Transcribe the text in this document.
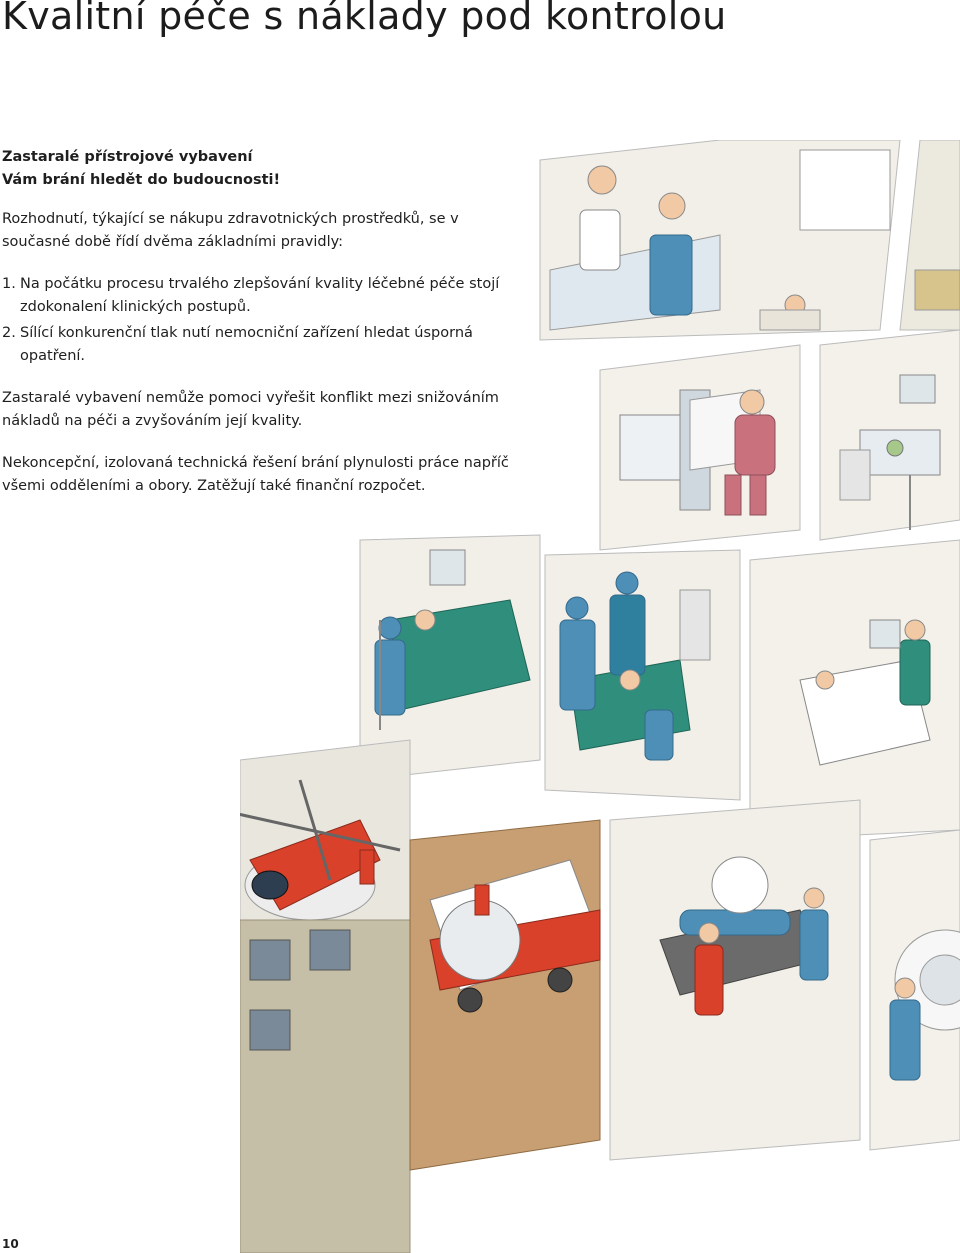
Kvalitní péče s náklady pod kontrolou

Zastaralé přístrojové vybavení
Vám brání hledět do budoucnosti!

Rozhodnutí, týkající se nákupu zdravotnických prostředků, se v současné době řídí dvěma základními pravidly:

1. Na počátku procesu trvalého zlepšování kvality léčebné péče stojí zdokonalení klinických postupů.
2. Sílící konkurenční tlak nutí nemocniční zařízení hledat úsporná opatření.

Zastaralé vybavení nemůže pomoci vyřešit konflikt mezi snižováním nákladů na péči a zvyšováním její kvality.

Nekoncepční, izolovaná technická řešení brání plynulosti práce napříč všemi odděleními a obory. Zatěžují také finanční rozpočet.

10
